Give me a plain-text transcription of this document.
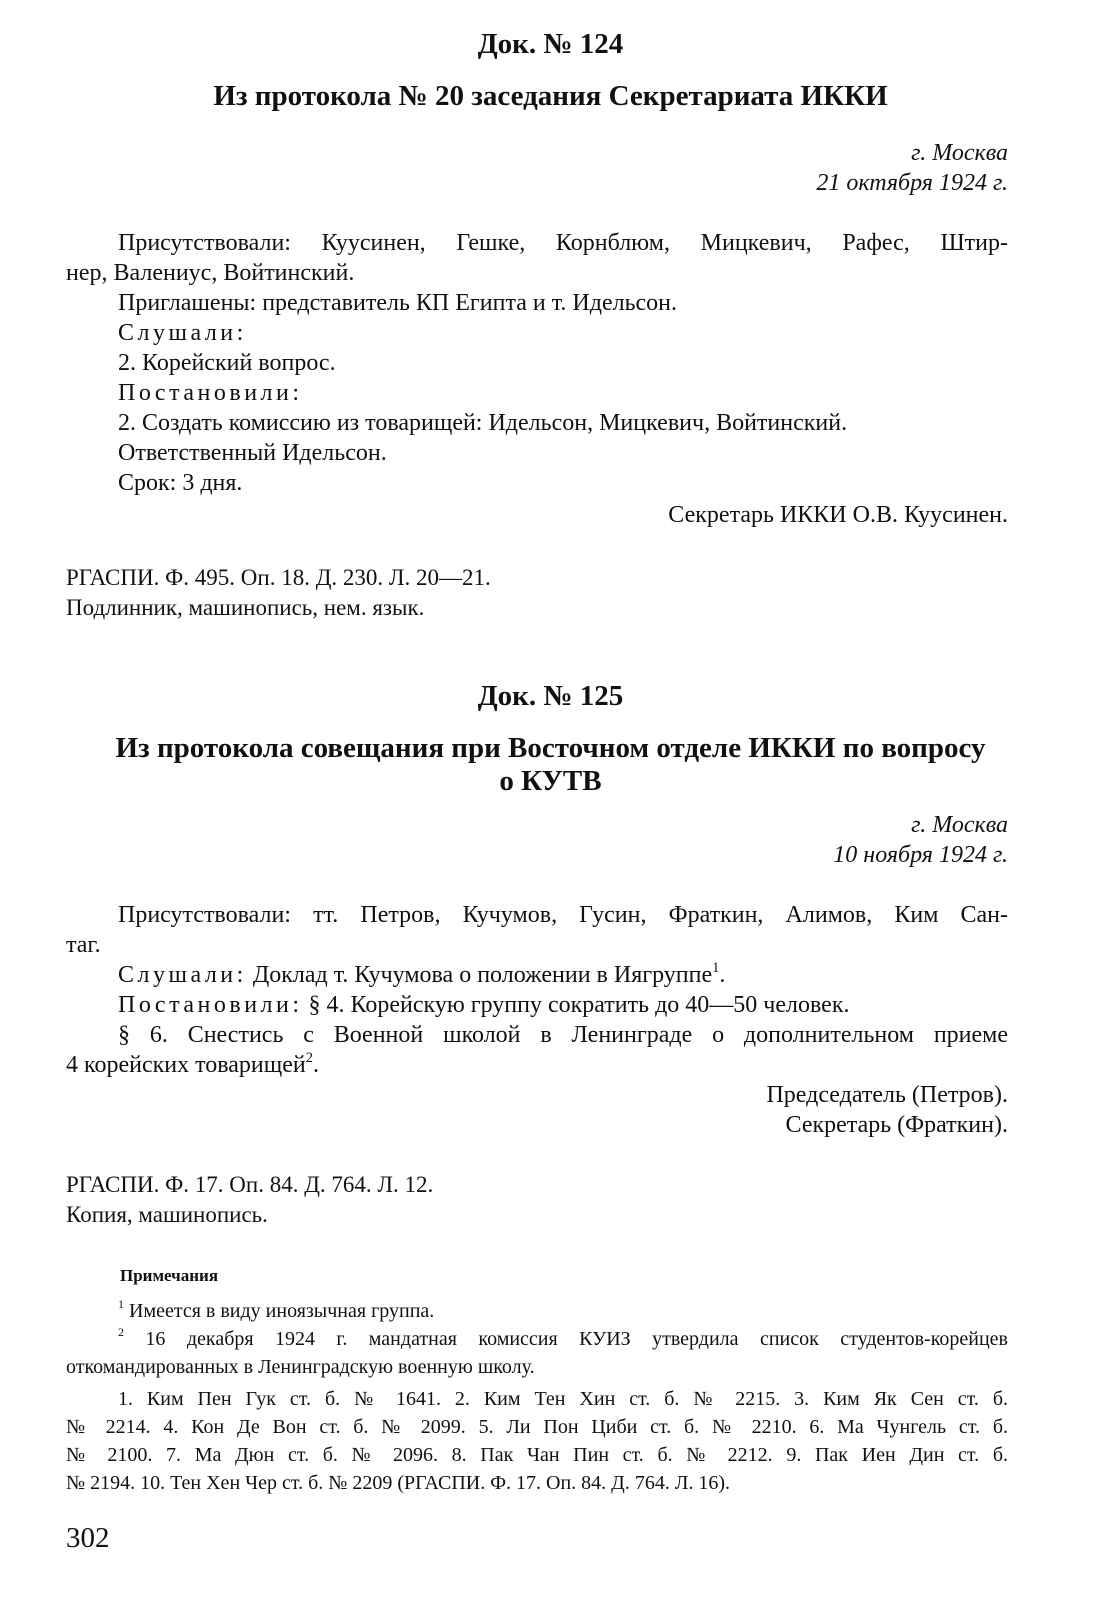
Док. № 124
Из протокола № 20 заседания Секретариата ИККИ
г. Москва
21 октября 1924 г.
Присутствовали: Куусинен, Гешке, Корнблюм, Мицкевич, Рафес, Штир-
нер, Валениус, Войтинский.
Приглашены: представитель КП Египта и т. Идельсон.
Слушали:
2. Корейский вопрос.
Постановили:
2. Создать комиссию из товарищей: Идельсон, Мицкевич, Войтинский.
Ответственный Идельсон.
Срок: 3 дня.
Секретарь ИККИ О.В. Куусинен.
РГАСПИ. Ф. 495. Оп. 18. Д. 230. Л. 20—21.
Подлинник, машинопись, нем. язык.
Док. № 125
Из протокола совещания при Восточном отделе ИККИ по вопросу
о КУТВ
г. Москва
10 ноября 1924 г.
Присутствовали: тт. Петров, Кучумов, Гусин, Фраткин, Алимов, Ким Сан-
таг.
Слушали: Доклад т. Кучумова о положении в Иягруппе$^1$.
Постановили: § 4. Корейскую группу сократить до 40—50 человек.
§ 6. Снестись с Военной школой в Ленинграде о дополнительном приеме
4 корейских товарищей$^2$.
Председатель (Петров).
Секретарь (Фраткин).
РГАСПИ. Ф. 17. Оп. 84. Д. 764. Л. 12.
Копия, машинопись.
Примечания
$^1$ Имеется в виду иноязычная группа.
$^2$ 16 декабря 1924 г. мандатная комиссия КУИЗ утвердила список студентов-корейцев
откомандированных в Ленинградскую военную школу.
1. Ким Пен Гук ст. б. № 1641. 2. Ким Тен Хин ст. б. № 2215. 3. Ким Як Сен ст. б.
№ 2214. 4. Кон Де Вон ст. б. № 2099. 5. Ли Пон Циби ст. б. № 2210. 6. Ма Чунгель ст. б.
№ 2100. 7. Ма Дюн ст. б. № 2096. 8. Пак Чан Пин ст. б. № 2212. 9. Пак Иен Дин ст. б.
№ 2194. 10. Тен Хен Чер ст. б. № 2209 (РГАСПИ. Ф. 17. Оп. 84. Д. 764. Л. 16).
302
